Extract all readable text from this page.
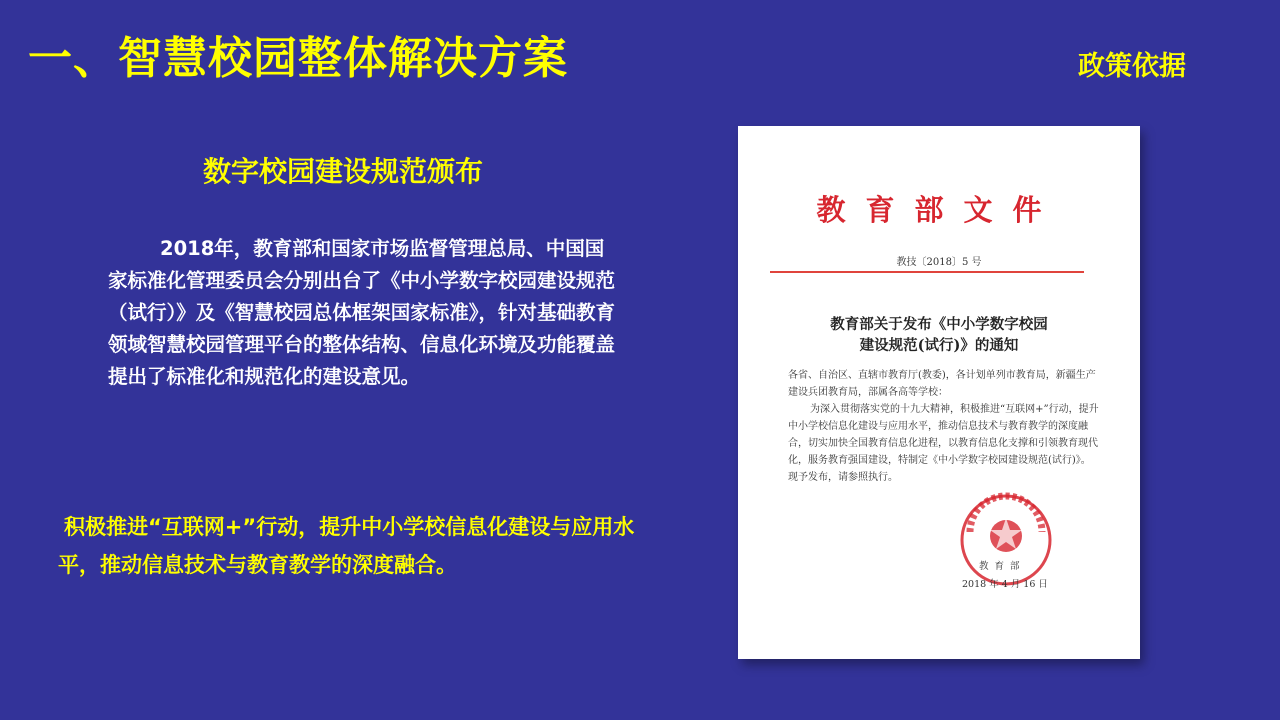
一、智慧校园整体解决方案	政策依据
数字校园建设规范颁布

2018年，教育部和国家市场监督管理总局、中国国家标准化管理委员会分别出台了《中小学数字校园建设规范（试行）》及《智慧校园总体框架国家标准》，针对基础教育领域智慧校园管理平台的整体结构、信息化环境及功能覆盖提出了标准化和规范化的建设意见。

积极推进“互联网+”行动，提升中小学校信息化建设与应用水平，推动信息技术与教育教学的深度融合。

教育部文件
教技〔2018〕5 号
教育部关于发布《中小学数字校园
建设规范(试行)》的通知

各省、自治区、直辖市教育厅(教委)，各计划单列市教育局，新疆生产建设兵团教育局，部属各高等学校：

为深入贯彻落实党的十九大精神，积极推进“互联网+”行动，提升中小学校信息化建设与应用水平，推动信息技术与教育教学的深度融合，切实加快全国教育信息化进程，以教育信息化支撑和引领教育现代化，服务教育强国建设，特制定《中小学数字校园建设规范(试行)》。现予发布，请参照执行。

教育部
2018 年 4 月 16 日
